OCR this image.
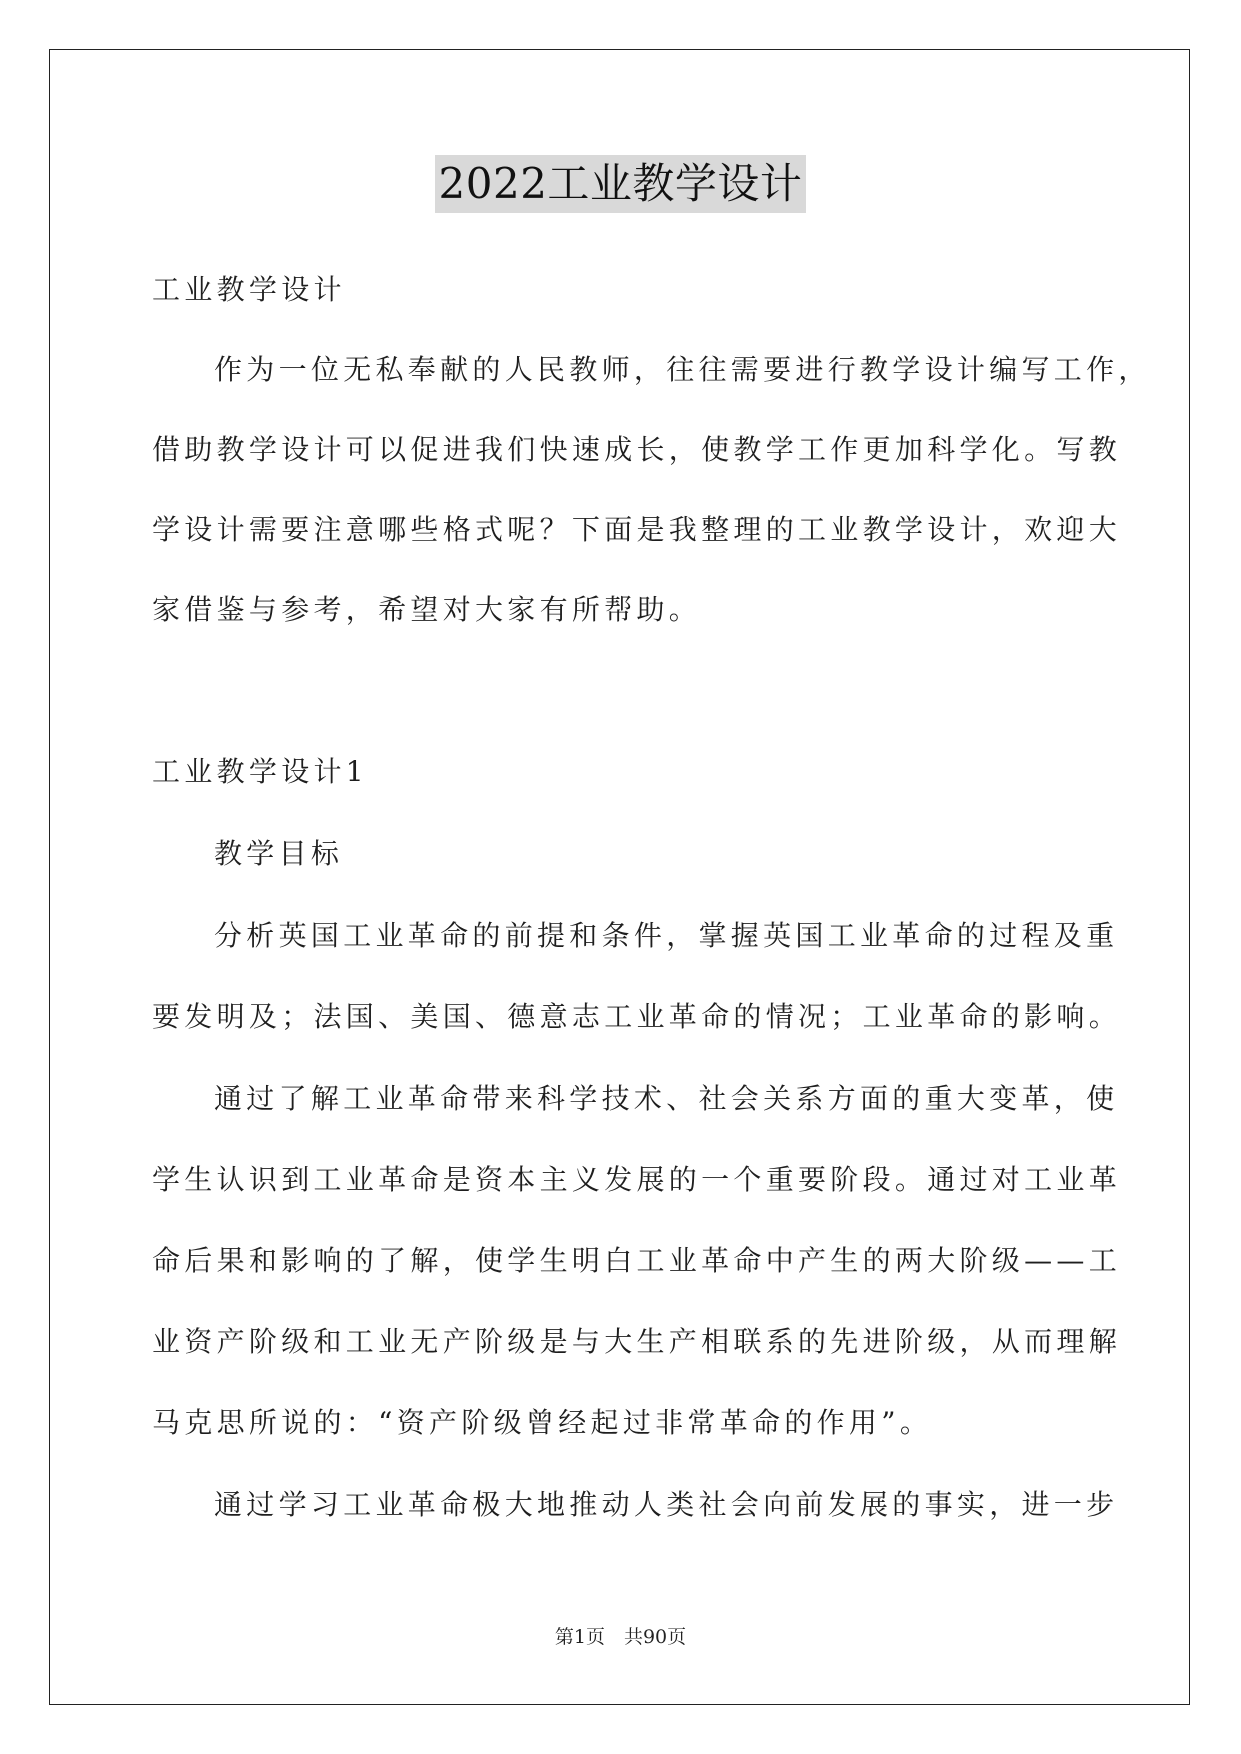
2022工业教学设计
工业教学设计
作为一位无私奉献的人民教师，往往需要进行教学设计编写工作，
借助教学设计可以促进我们快速成长，使教学工作更加科学化。写教
学设计需要注意哪些格式呢？下面是我整理的工业教学设计，欢迎大
家借鉴与参考，希望对大家有所帮助。
工业教学设计1
教学目标
分析英国工业革命的前提和条件，掌握英国工业革命的过程及重
要发明及；法国、美国、德意志工业革命的情况；工业革命的影响。
通过了解工业革命带来科学技术、社会关系方面的重大变革，使
学生认识到工业革命是资本主义发展的一个重要阶段。通过对工业革
命后果和影响的了解，使学生明白工业革命中产生的两大阶级——工
业资产阶级和工业无产阶级是与大生产相联系的先进阶级，从而理解
马克思所说的：“资产阶级曾经起过非常革命的作用”。
通过学习工业革命极大地推动人类社会向前发展的事实，进一步
第1页　共90页
